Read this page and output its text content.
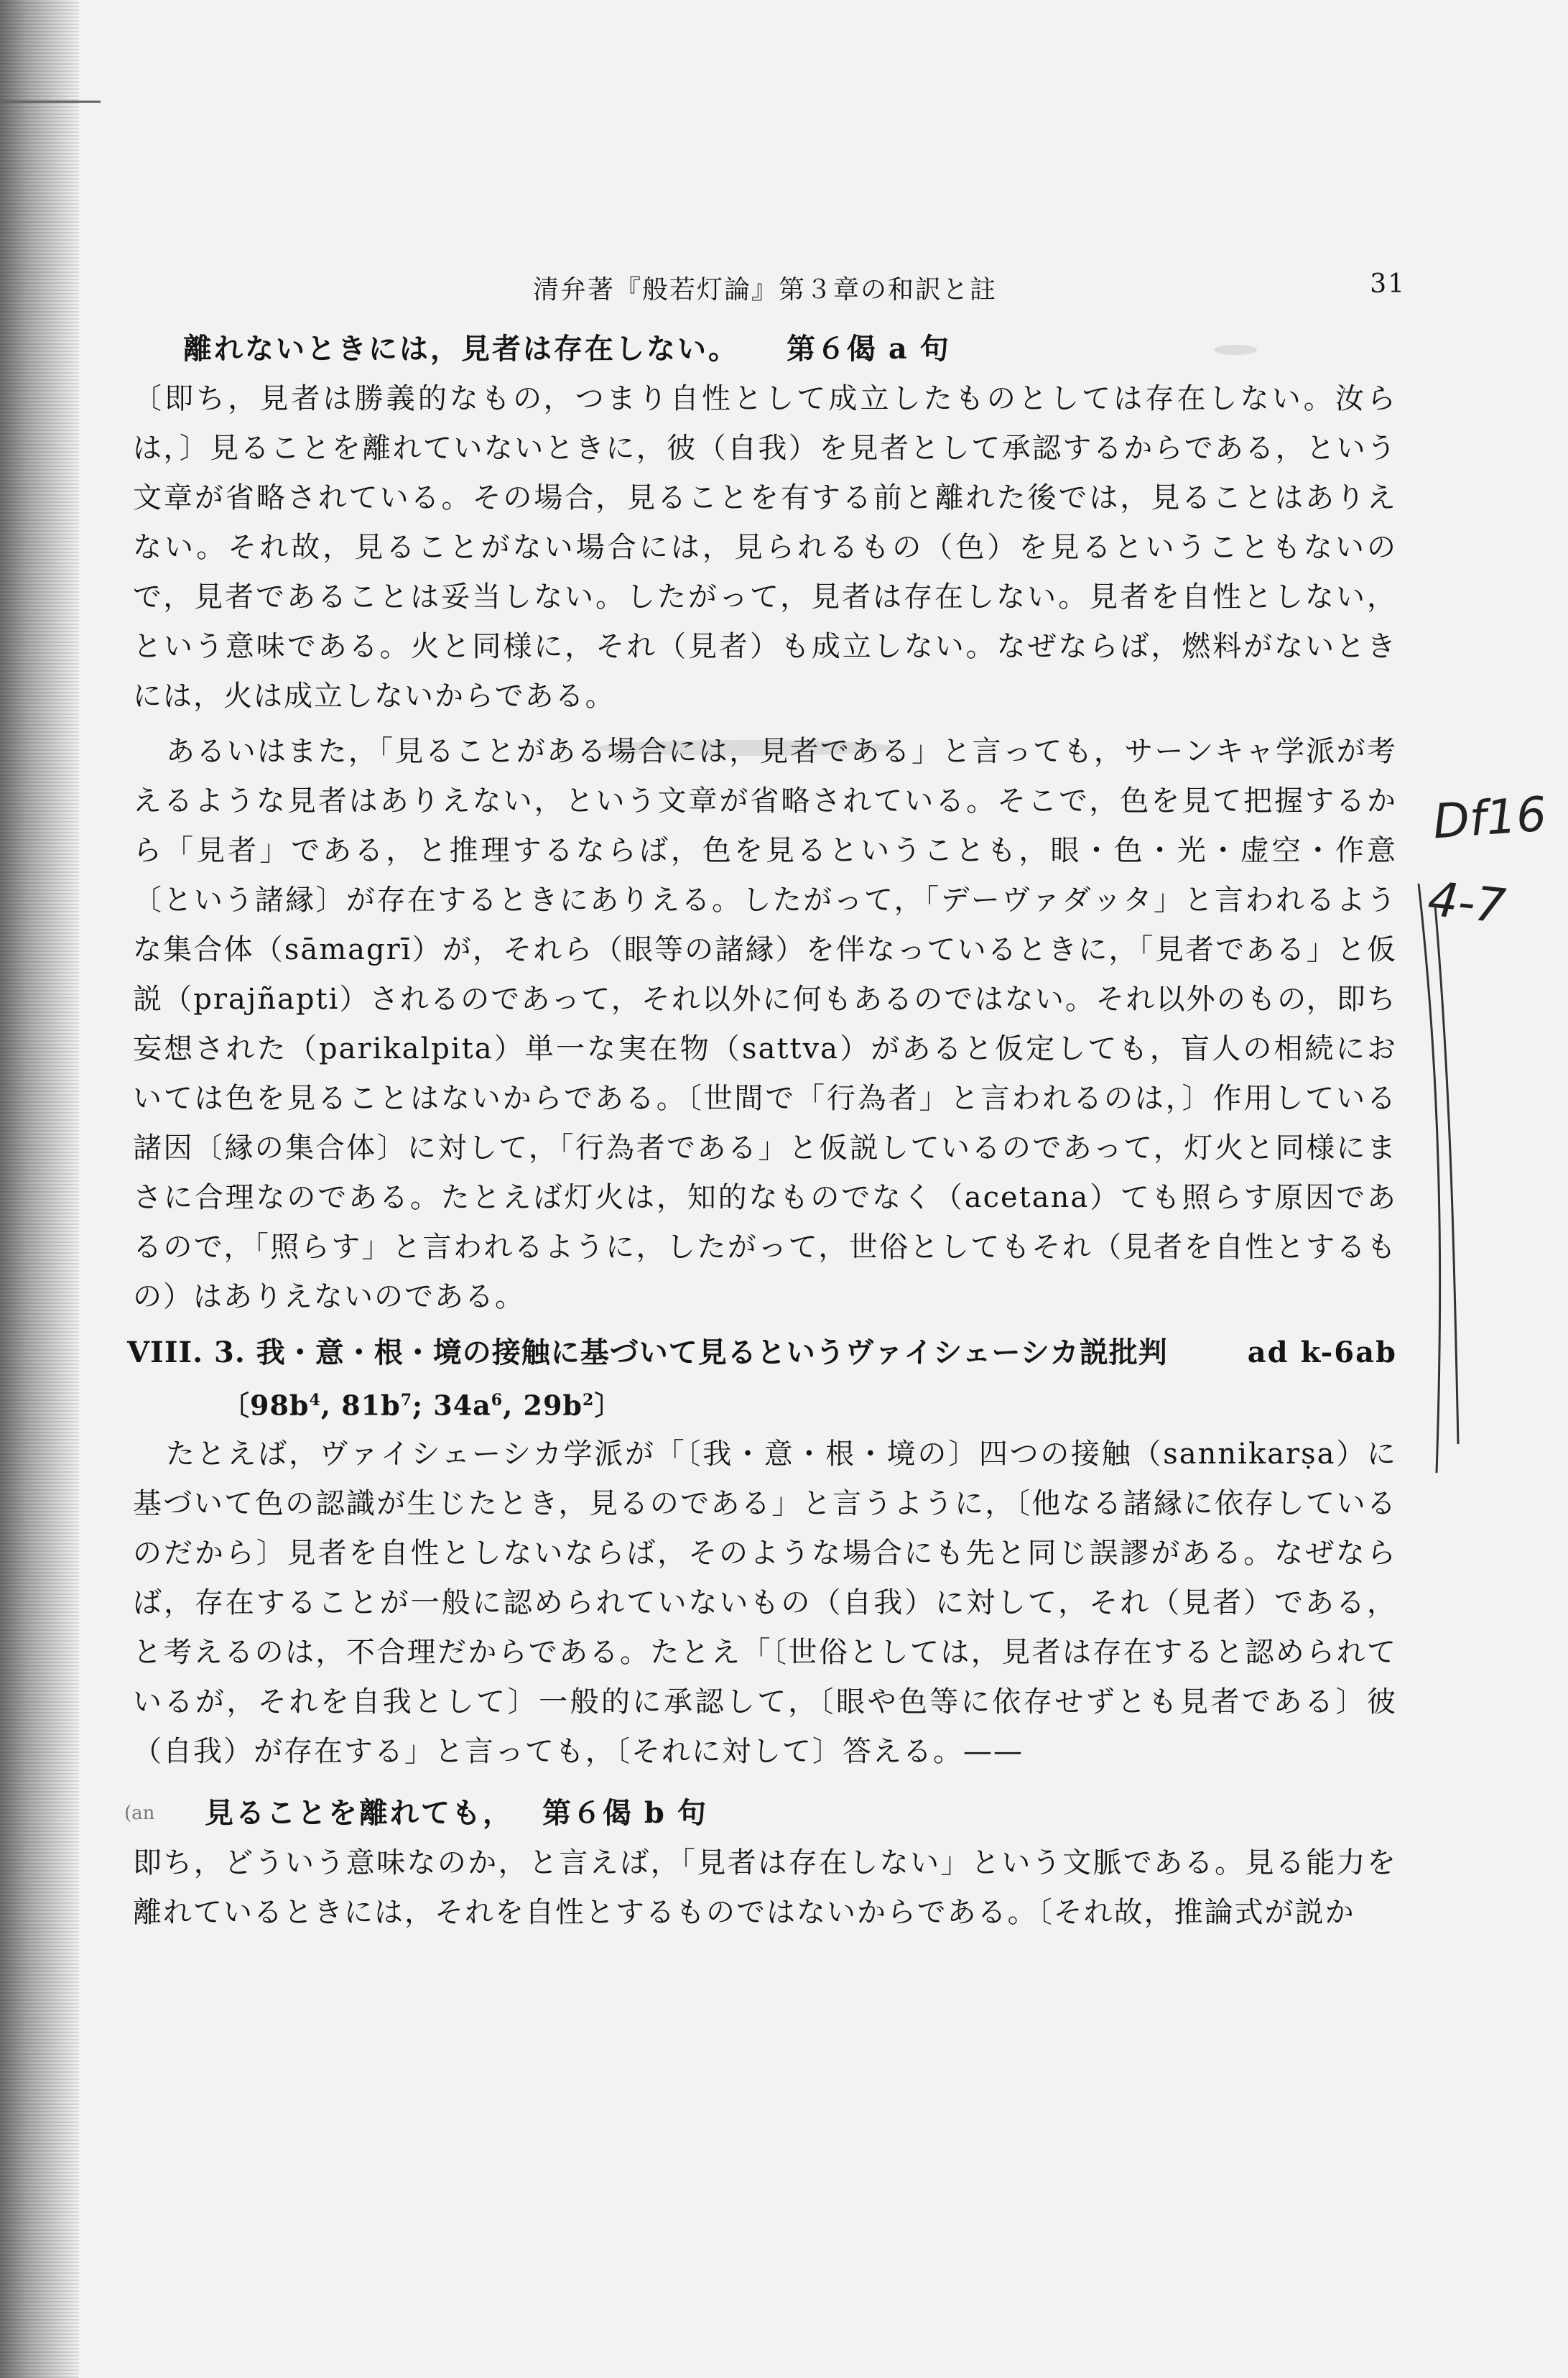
清弁著『般若灯論』第３章の和訳と註	31
離れないときには，見者は存在しない。 第６偈 a 句

〔即ち，見者は勝義的なもの，つまり自性として成立したものとしては存在しない。汝らは，〕見ることを離れていないときに，彼（自我）を見者として承認するからである，という文章が省略されている。その場合，見ることを有する前と離れた後では，見ることはありえない。それ故，見ることがない場合には，見られるもの（色）を見るということもないので，見者であることは妥当しない。したがって，見者は存在しない。見者を自性としない，という意味である。火と同様に，それ（見者）も成立しない。なぜならば，燃料がないときには，火は成立しないからである。

あるいはまた，「見ることがある場合には，見者である」と言っても，サーンキャ学派が考えるような見者はありえない，という文章が省略されている。そこで，色を見て把握するから「見者」である，と推理するならば，色を見るということも，眼・色・光・虚空・作意〔という諸縁〕が存在するときにありえる。したがって，「デーヴァダッタ」と言われるような集合体（sāmagrī）が，それら（眼等の諸縁）を伴なっているときに，「見者である」と仮説（prajñapti）されるのであって，それ以外に何もあるのではない。それ以外のもの，即ち妄想された（parikalpita）単一な実在物（sattva）があると仮定しても，盲人の相続においては色を見ることはないからである。〔世間で「行為者」と言われるのは，〕作用している諸因〔縁の集合体〕に対して，「行為者である」と仮説しているのであって，灯火と同様にまさに合理なのである。たとえば灯火は，知的なものでなく（acetana）ても照らす原因であるので，「照らす」と言われるように，したがって，世俗としてもそれ（見者を自性とするもの）はありえないのである。

VIII. 3. 我・意・根・境の接触に基づいて見るというヴァイシェーシカ説批判	ad k-6ab
〔$98b^4$, $81b^7$; $34a^6$, $29b^2$〕

たとえば，ヴァイシェーシカ学派が「〔我・意・根・境の〕四つの接触（sannikarṣa）に基づいて色の認識が生じたとき，見るのである」と言うように，〔他なる諸縁に依存しているのだから〕見者を自性としないならば，そのような場合にも先と同じ誤謬がある。なぜならば，存在することが一般に認められていないもの（自我）に対して，それ（見者）である，と考えるのは，不合理だからである。たとえ「〔世俗としては，見者は存在すると認められているが，それを自我として〕一般的に承認して，〔眼や色等に依存せずとも見者である〕彼（自我）が存在する」と言っても，〔それに対して〕答える。——

(an 見ることを離れても， 第６偈 b 句

即ち，どういう意味なのか，と言えば，「見者は存在しない」という文脈である。見る能力を離れているときには，それを自性とするものではないからである。〔それ故，推論式が説か

Df16
4-7
